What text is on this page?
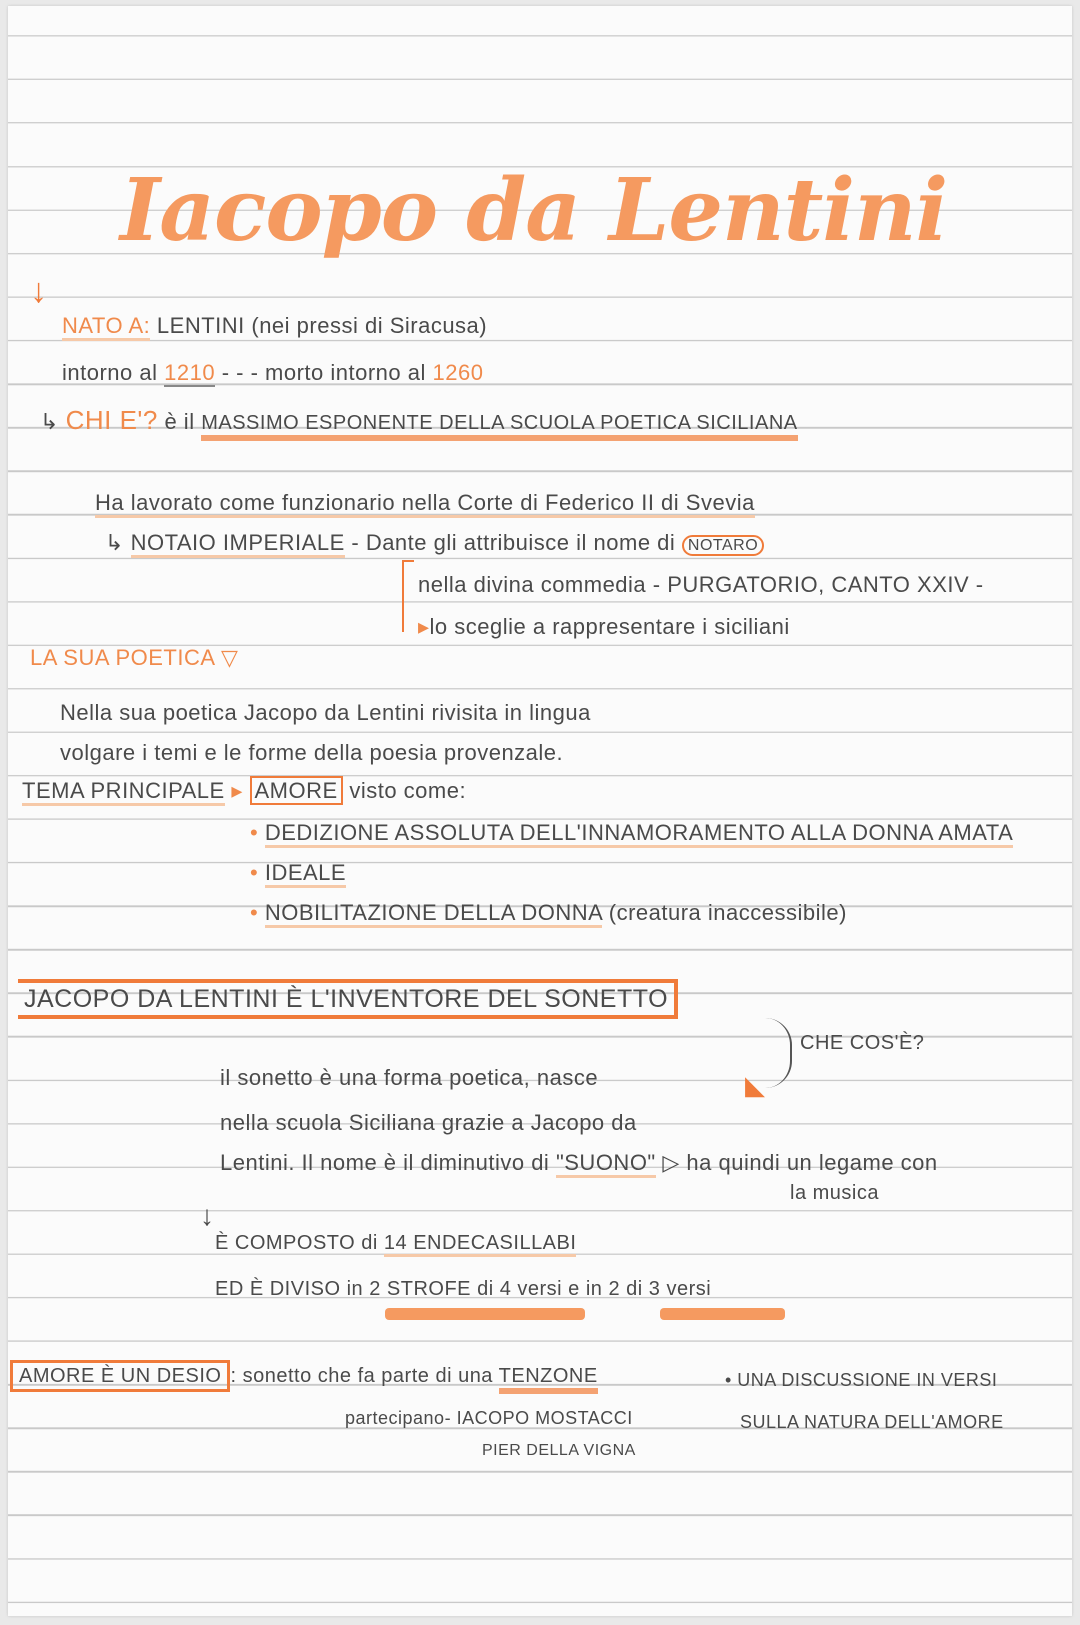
Iacopo da Lentini
↓
NATO A: LENTINI (nei pressi di Siracusa)
intorno al 1210 - - - morto intorno al 1260
↳ CHI E'? è il MASSIMO ESPONENTE DELLA SCUOLA POETICA SICILIANA
Ha lavorato come funzionario nella Corte di Federico II di Svevia
↳ NOTAIO IMPERIALE - Dante gli attribuisce il nome di NOTARO
nella divina commedia - PURGATORIO, CANTO XXIV -
▸lo sceglie a rappresentare i siciliani
LA SUA POETICA ▽
Nella sua poetica Jacopo da Lentini rivisita in lingua
volgare i temi e le forme della poesia provenzale.
TEMA PRINCIPALE ▸ AMORE visto come:
• DEDIZIONE ASSOLUTA DELL'INNAMORAMENTO ALLA DONNA AMATA
• IDEALE
• NOBILITAZIONE DELLA DONNA (creatura inaccessibile)
JACOPO DA LENTINI È L'INVENTORE DEL SONETTO
CHE COS'È?
◣
il sonetto è una forma poetica, nasce
nella scuola Siciliana grazie a Jacopo da
Lentini. Il nome è il diminutivo di "SUONO" ▷ ha quindi un legame con
la musica
↓
È COMPOSTO di 14 ENDECASILLABI
ED È DIVISO in 2 STROFE di 4 versi e in 2 di 3 versi
AMORE È UN DESIO : sonetto che fa parte di una TENZONE	• UNA DISCUSSIONE IN VERSI
SULLA NATURA DELL'AMORE
partecipano- IACOPO MOSTACCI
PIER DELLA VIGNA
